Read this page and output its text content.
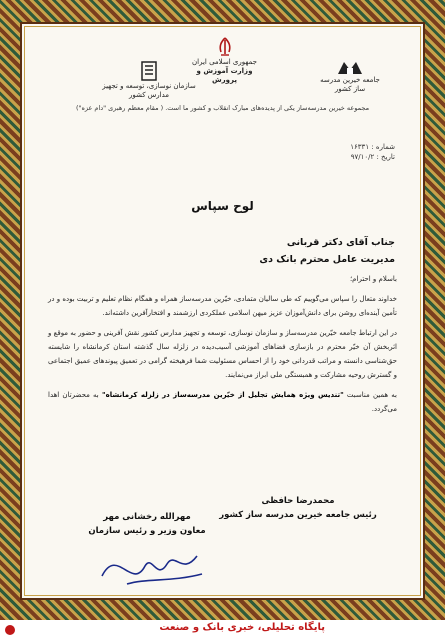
سازمان نوسازی، توسعه و تجهیز مدارس کشور
جمهوری اسلامی ایران
وزارت آموزش و پرورش	جامعه خیرین مدرسه ساز کشور
مجموعه خیرین مدرسه‌ساز یکی از پدیده‌های مبارک انقلاب و کشور ما است. ( مقام معظم رهبری "دام عزه")
شماره : ۱۶۳۳۱
تاریخ : ۹۷/۱۰/۲
لوح سپاس
جناب آقای دکتر قربانی
مدیریت عامل محترم بانک دی

باسلام و احترام؛

خداوند متعال را سپاس می‌گوییم که طی سالیان متمادی، خیّرین مدرسه‌ساز همراه و همگام نظام تعلیم و تربیت بوده و در تأمین آینده‌ای روشن برای دانش‌آموزان عزیز میهن اسلامی عملکردی ارزشمند و افتخارآفرین داشته‌اند.

در این ارتباط جامعه خیّرین مدرسه‌ساز و سازمان نوسازی، توسعه و تجهیز مدارس کشور نقش آفرینی و حضور به موقع و اثربخش آن خیّر محترم در بازسازی فضاهای آموزشی آسیب‌دیده در زلزله سال گذشته استان کرمانشاه را شایسته حق‌شناسی دانسته و مراتب قدردانی خود را از احساس مسئولیت شما فرهیخته گرامی در تعمیق پیوندهای عمیق اجتماعی و گسترش روحیه مشارکت و همبستگی ملی ابراز می‌نمایند.

به همین مناسبت "تندیس ویژه همایش تجلیل از خیّرین مدرسه‌ساز در زلزله کرمانشاه" به محضرتان اهدا می‌گردد.

محمدرضا حافظی
رئیس جامعه خیرین مدرسه ساز کشور
مهرالله رخشانی مهر
معاون وزیر و رئیس سازمان
پایگاه تحلیلی، خبری بانک و صنعت
